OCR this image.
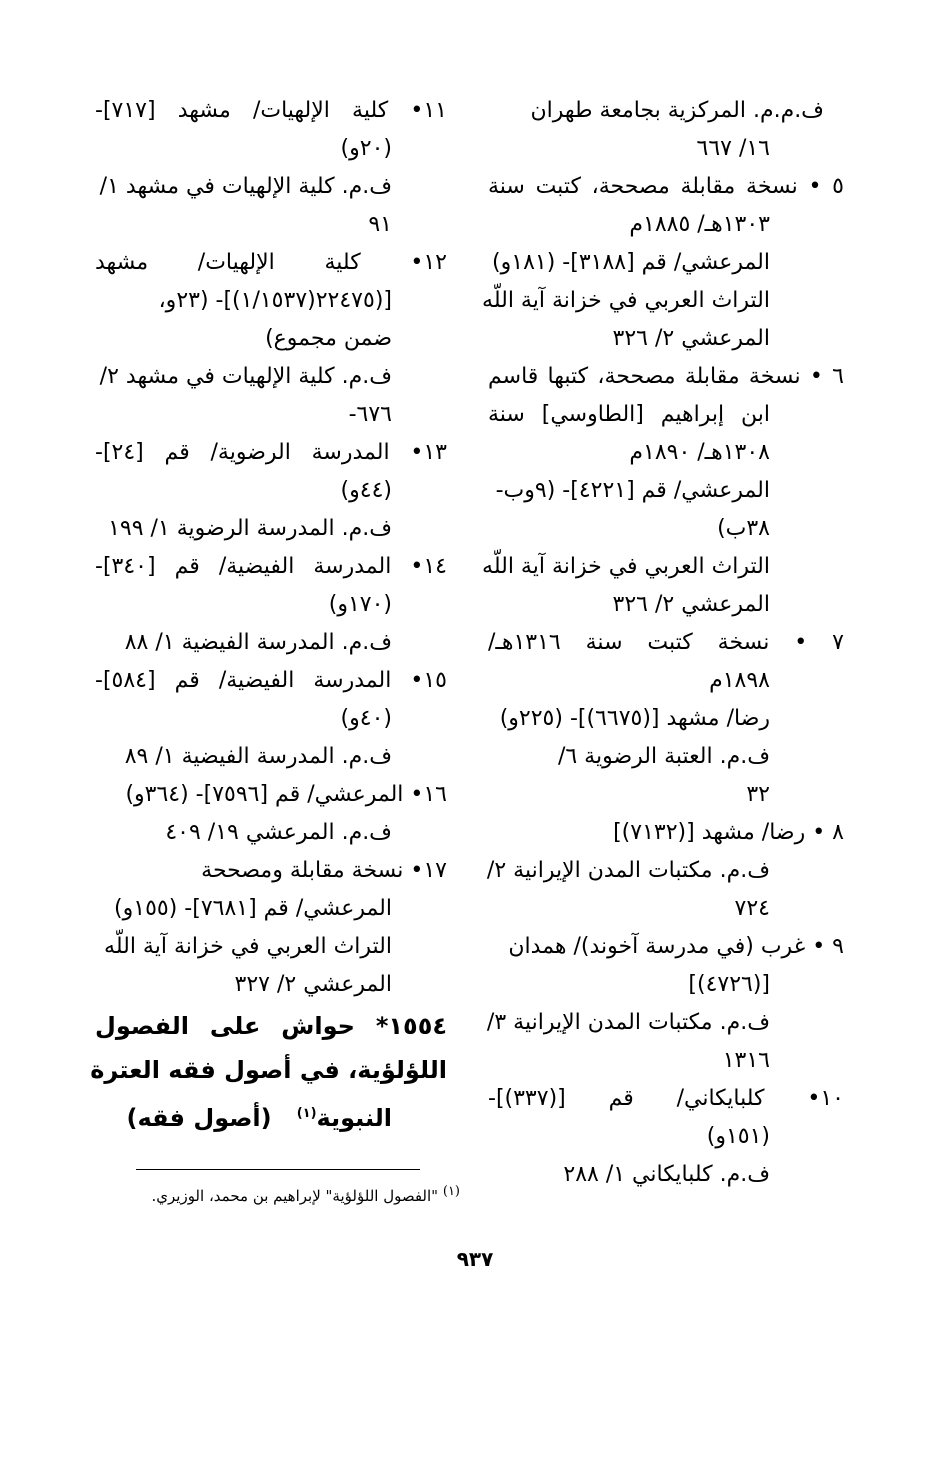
ف.م.م. المركزية بجامعة طهران
١٦/ ٦٦٧
٥ • نسخة مقابلة مصححة، كتبت سنة
١٣٠٣هـ/ ١٨٨٥م
المرعشي/ قم [٣١٨٨]- (١٨١و)
التراث العربي في خزانة آية اللّه
المرعشي ٢/ ٣٢٦
٦ • نسخة مقابلة مصححة، كتبها قاسم
ابن إبراهيم [الطاوسي] سنة
١٣٠٨هـ/ ١٨٩٠م
المرعشي/ قم [٤٢٢١]- (٩وب-
٣٨ب)
التراث العربي في خزانة آية اللّه
المرعشي ٢/ ٣٢٦
٧ • نسخة كتبت سنة ١٣١٦هـ/
١٨٩٨م
رضا/ مشهد [(٦٦٧٥)]- (٢٢٥و)
ف.م. العتبة الرضوية ٦/
٣٢
٨ • رضا/ مشهد [(٧١٣٢)]
ف.م. مكتبات المدن الإيرانية ٢/
٧٢٤
٩ • غرب (في مدرسة آخوند)/ همدان
[(٤٧٢٦)]
ف.م. مكتبات المدن الإيرانية ٣/
١٣١٦
١٠• كلبايكاني/ قم [(٣٣٧)]-
(١٥١و)
ف.م. كلبايكاني ١/ ٢٨٨
١١• كلية الإلهيات/ مشهد [٧١٧]-
(٢٠و)
ف.م. كلية الإلهيات في مشهد ١/
٩١
١٢• كلية الإلهيات/ مشهد
[(٢٢٤٧٥(١/١٥٣٧)]- (٢٣و،
ضمن مجموع)
ف.م. كلية الإلهيات في مشهد ٢/
٦٧٦-
١٣• المدرسة الرضوية/ قم [٢٤]-
(٤٤و)
ف.م. المدرسة الرضوية ١/ ١٩٩
١٤• المدرسة الفيضية/ قم [٣٤٠]-
(١٧٠و)
ف.م. المدرسة الفيضية ١/ ٨٨
١٥• المدرسة الفيضية/ قم [٥٨٤]-
(٤٠و)
ف.م. المدرسة الفيضية ١/ ٨٩
١٦• المرعشي/ قم [٧٥٩٦]- (٣٦٤و)
ف.م. المرعشي ١٩/ ٤٠٩
١٧• نسخة مقابلة ومصححة
المرعشي/ قم [٧٦٨١]- (١٥٥و)
التراث العربي في خزانة آية اللّه
المرعشي ٢/ ٣٢٧
١٥٥٤* حواش على الفصول
اللؤلؤية، في أصول فقه العترة
النبوية$^{(١)}$   (أصول فقه)
(١) "الفصول اللؤلؤية" لإبراهيم بن محمد، الوزيري.
٩٣٧
